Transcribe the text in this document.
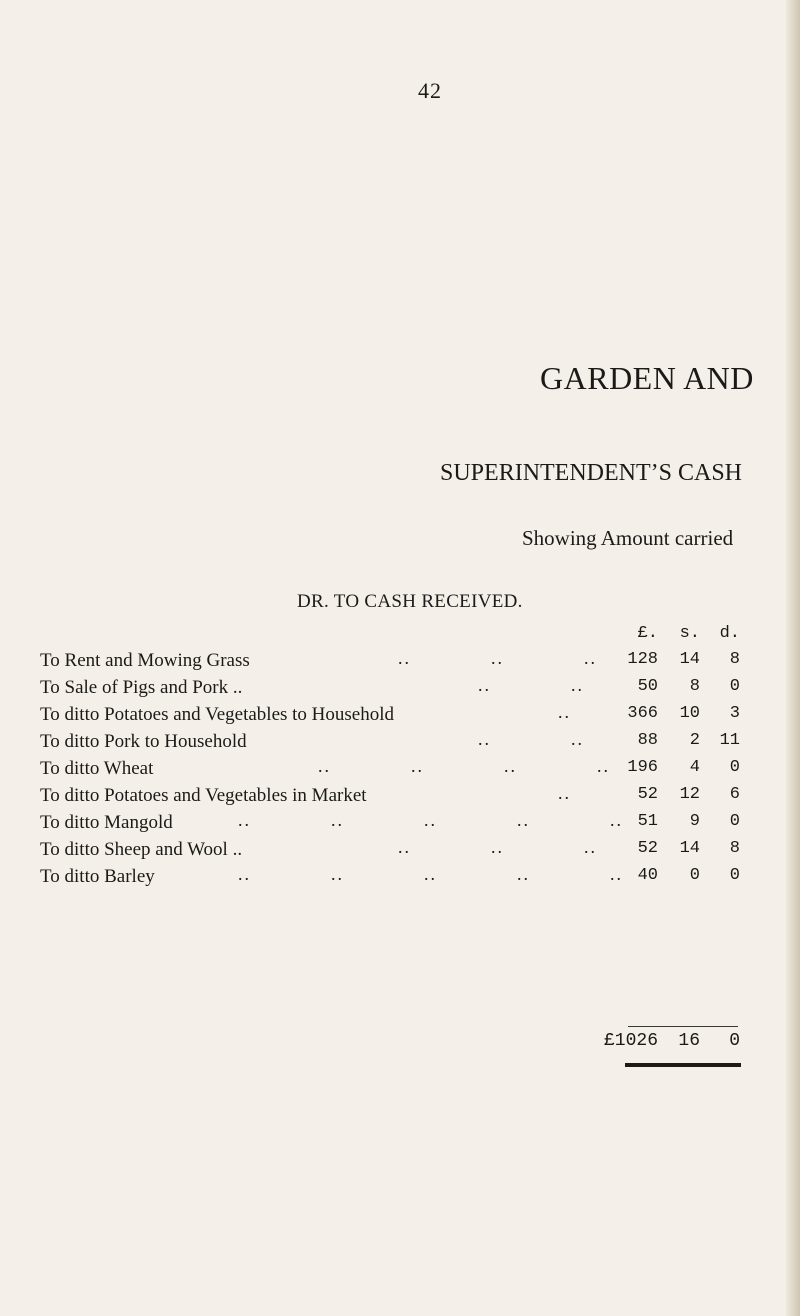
42
GARDEN AND
SUPERINTENDENT’S CASH
Showing Amount carried
DR. TO CASH RECEIVED.
£.	s.	d.
To Rent and Mowing Grass	..    ..    ..	128	14	8
To Sale of Pigs and Pork ..	..    ..	50	8	0
To ditto Potatoes and Vegetables to Household	..	366	10	3
To ditto Pork to Household	..    ..	88	2	11
To ditto Wheat	..    ..    ..    ..	196	4	0
To ditto Potatoes and Vegetables in Market	..	52	12	6
To ditto Mangold	..    ..    ..    ..    .. 51	9	0
To ditto Sheep and Wool ..	..    ..    ..	52	14	8
To ditto Barley	..    ..    ..    ..    .. 40	0	0
£1026	16	0
